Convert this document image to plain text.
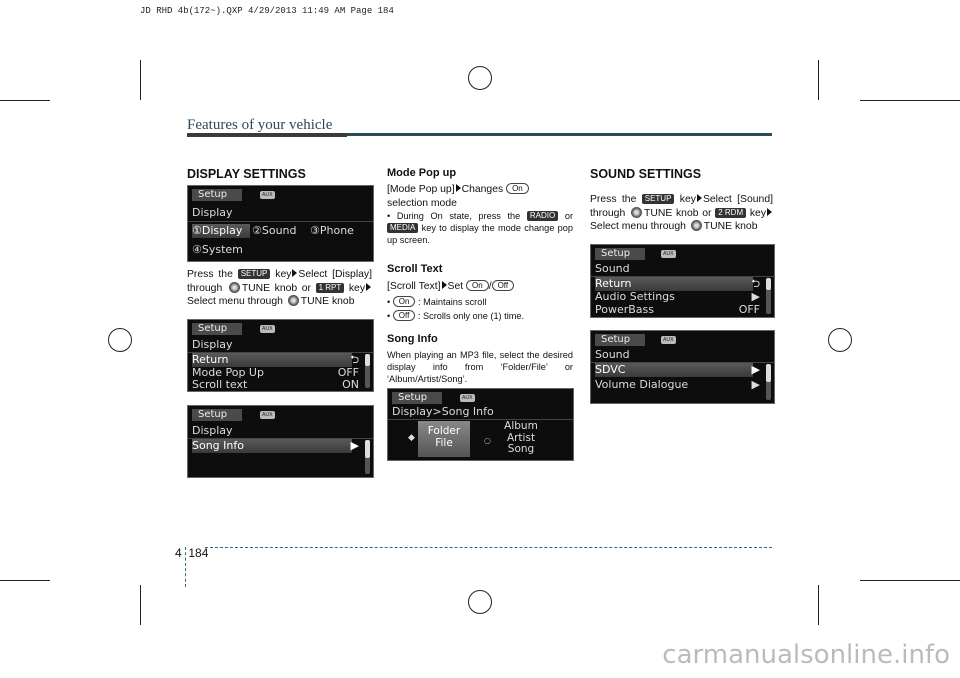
JD RHD 4b(172~).QXP 4/29/2013 11:49 AM Page 184
Features of your vehicle
DISPLAY SETTINGS
Setup	AUX
Display
①Display ②Sound ③Phone
④System

Press the SETUP key Select [Display] through TUNE knob or 1 RPT key Select menu through TUNE knob

Setup	AUX
Display
Return	⮌
Mode Pop Up	OFF
Scroll text	ON
Setup	AUX
Display
Song Info	▶
Mode Pop up

[Mode Pop up] Changes On
selection mode

• During On state, press the RADIO or MEDIA key to display the mode change pop up screen.

Scroll Text

[Scroll Text] Set On / Off

• On : Maintains scroll

• Off : Scrolls only one (1) time.

Song Info

When playing an MP3 file, select the desired display info from ‘Folder/File’ or ‘Album/Artist/Song’.

Setup	AUX
Display>Song Info
◆
Folder
File	○
Album
Artist
Song
SOUND SETTINGS

Press the SETUP key Select [Sound] through TUNE knob or 2 RDM key Select menu through TUNE knob

Setup	AUX
Sound
Return	⮌
Audio Settings	▶
PowerBass	OFF
Setup	AUX
Sound
SDVC	▶
Volume Dialogue	▶
4 184
carmanualsonline.info
